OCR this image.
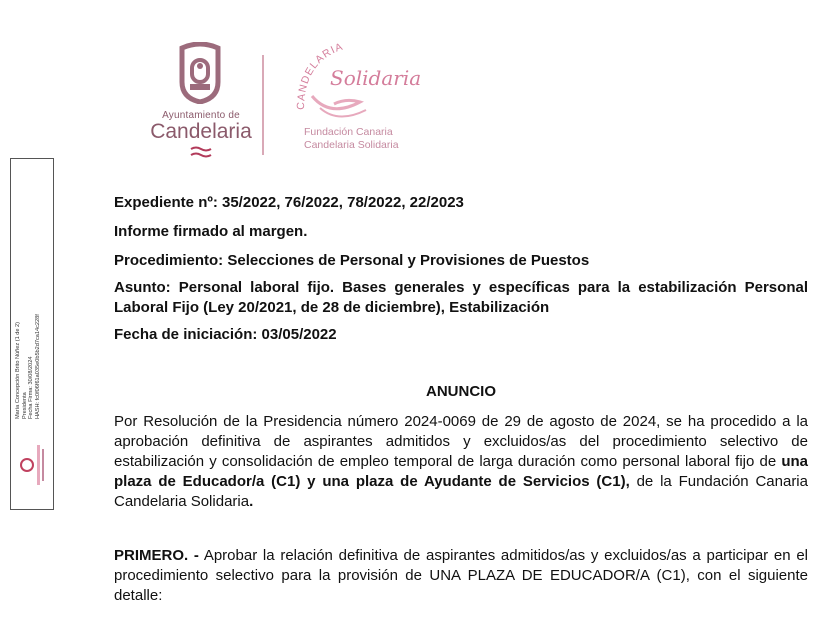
Ayuntamiento de
Candelaria
CANDELARIA
Solidaria
Fundación Canaria
Candelaria Solidaria
María Concepción Brito Núñez (1 de 2) Presidenta Fecha Firma: 30/08/2024 HASH: fc0f06f61a035e0b5b2d7ca14c228f
Expediente nº: 35/2022, 76/2022, 78/2022, 22/2023
Informe firmado al margen.
Procedimiento: Selecciones de Personal y Provisiones de Puestos
Asunto: Personal laboral fijo. Bases generales y específicas para la estabilización Personal Laboral Fijo (Ley 20/2021, de 28 de diciembre), Estabilización
Fecha de iniciación: 03/05/2022
ANUNCIO
Por Resolución de la Presidencia número 2024-0069 de 29 de agosto de 2024, se ha procedido a la aprobación definitiva de aspirantes admitidos y excluidos/as del procedimiento selectivo de estabilización y consolidación de empleo temporal de larga duración como personal laboral fijo de una plaza de Educador/a (C1) y una plaza de Ayudante de Servicios (C1), de la Fundación Canaria Candelaria Solidaria.
PRIMERO. - Aprobar la relación definitiva de aspirantes admitidos/as y excluidos/as a participar en el procedimiento selectivo para la provisión de UNA PLAZA DE EDUCADOR/A (C1), con el siguiente detalle:
